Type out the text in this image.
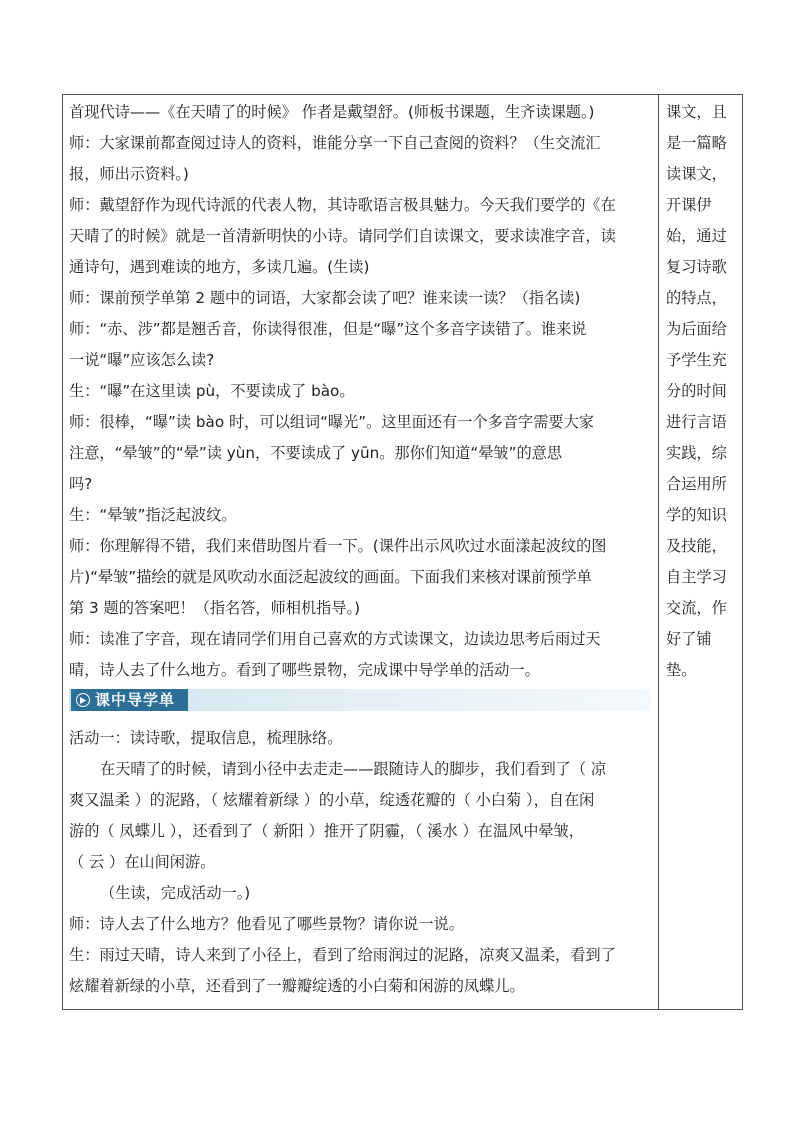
首现代诗——《在天晴了的时候》 作者是戴望舒。(师板书课题，生齐读课题。)
师：大家课前都查阅过诗人的资料，谁能分享一下自己查阅的资料？（生交流汇
报，师出示资料。)
师：戴望舒作为现代诗派的代表人物，其诗歌语言极具魅力。今天我们要学的《在
天晴了的时候》就是一首清新明快的小诗。请同学们自读课文，要求读准字音，读
通诗句，遇到难读的地方，多读几遍。(生读)
师：课前预学单第 2 题中的词语，大家都会读了吧？谁来读一读？（指名读)
师：“赤、涉”都是翘舌音，你读得很准，但是“曝”这个多音字读错了。谁来说
一说“曝”应该怎么读?
生：“曝”在这里读 pù，不要读成了 bào。
师：很棒，“曝”读 bào 时，可以组词“曝光”。这里面还有一个多音字需要大家
注意，“晕皱”的“晕”读 yùn，不要读成了 yūn。那你们知道“晕皱”的意思
吗?
生：“晕皱”指泛起波纹。
师：你理解得不错，我们来借助图片看一下。(课件出示风吹过水面漾起波纹的图
片)“晕皱”描绘的就是风吹动水面泛起波纹的画面。下面我们来核对课前预学单
第 3 题的答案吧！（指名答，师相机指导。)
师：读准了字音，现在请同学们用自己喜欢的方式读课文，边读边思考后雨过天
晴，诗人去了什么地方。看到了哪些景物，完成课中导学单的活动一。
课中导学单
活动一：读诗歌，提取信息，梳理脉络。
在天晴了的时候，请到小径中去走走——跟随诗人的脚步，我们看到了（ 凉
爽又温柔 ）的泥路，（ 炫耀着新绿 ）的小草，绽透花瓣的（ 小白菊 ），自在闲
游的（ 凤蝶儿 ），还看到了（ 新阳 ）推开了阴霾，（ 溪水 ）在温风中晕皱，
（ 云 ）在山间闲游。
（生读，完成活动一。)
师：诗人去了什么地方？他看见了哪些景物？请你说一说。
生：雨过天晴，诗人来到了小径上，看到了给雨润过的泥路，凉爽又温柔，看到了
炫耀着新绿的小草，还看到了一瓣瓣绽透的小白菊和闲游的凤蝶儿。
课文，且
是一篇略
读课文，
开课伊
始，通过
复习诗歌
的特点，
为后面给
予学生充
分的时间
进行言语
实践，综
合运用所
学的知识
及技能，
自主学习
交流，作
好了铺
垫。
